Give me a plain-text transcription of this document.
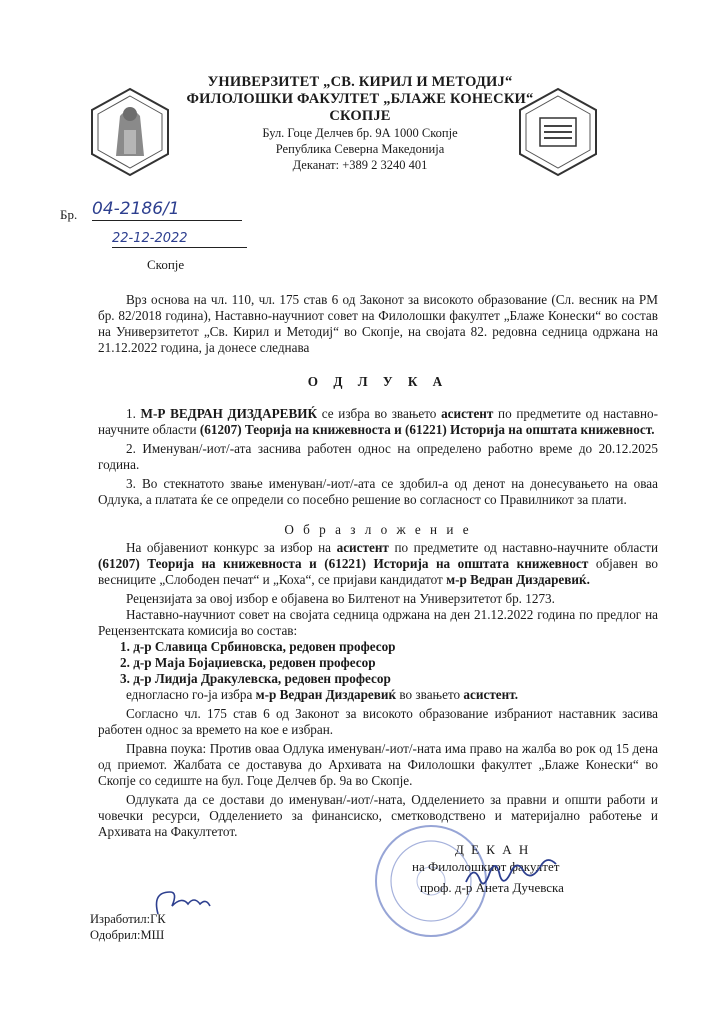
УНИВЕРЗИТЕТ „СВ. КИРИЛ И МЕТОДИЈ“
ФИЛОЛОШКИ ФАКУЛТЕТ „БЛАЖЕ КОНЕСКИ“
СКОПЈЕ
Бул. Гоце Делчев бр. 9А 1000 Скопје
Република Северна Македонија
Деканат: +389 2 3240 401
Бр. 04-2186/1
22-12-2022
Скопје

Врз основа на чл. 110, чл. 175 став 6 од Законот за високото образование (Сл. весник на РМ бр. 82/2018 година), Наставно-научниот совет на Филолошки факултет „Блаже Конески“ во состав на Универзитетот „Св. Кирил и Методиј“ во Скопје, на својата 82. редовна седница одржана на 21.12.2022 година, ја донесе следнава

О Д Л У К А

1. М-Р ВЕДРАН ДИЗДАРЕВИЌ се избра во звањето асистент по предметите од наставно-научните области (61207) Теорија на книжевноста и (61221) Историја на општата книжевност.

2. Именуван/-иот/-ата заснива работен однос на определено работно време до 20.12.2025 година.

3. Во стекнатото звање именуван/-иот/-ата се здобил-а од денот на донесувањето на оваа Одлука, а платата ќе се определи со посебно решение во согласност со Правилникот за плати.

О б р а з л о ж е н и е

На објавениот конкурс за избор на асистент по предметите од наставно-научните области (61207) Теорија на книжевноста и (61221) Историја на општата книжевност објавен во весниците „Слободен печат“ и „Коха“, се пријави кандидатот м-р Ведран Диздаревиќ.

Рецензијата за овој избор е објавена во Билтенот на Универзитетот бр. 1273.

Наставно-научниот совет на својата седница одржана на ден 21.12.2022 година по предлог на Рецензентската комисија во состав:

1. д-р Славица Србиновска, редовен професор

2. д-р Маја Бојаџиевска, редовен професор

3. д-р Лидија Дракулевска, редовен професор

едногласно го-ја избра м-р Ведран Диздаревиќ во звањето асистент.

Согласно чл. 175 став 6 од Законот за високото образование избраниот наставник засива работен однос за времето на кое е избран.

Правна поука: Против оваа Одлука именуван/-иот/-ната има право на жалба во рок од 15 дена од приемот. Жалбата се доставува до Архивата на Филолошки факултет „Блаже Конески“ во Скопје со седиште на бул. Гоце Делчев бр. 9а во Скопје.

Одлуката да се достави до именуван/-иот/-ната, Одделението за правни и општи работи и човечки ресурси, Одделението за финансиско, сметководствено и материјално работење и Архивата на Факултетот.

Д Е К А Н
на Филолошкиот факултет
проф. д-р Анета Дучевска
Изработил:ГК
Одобрил:МШ
